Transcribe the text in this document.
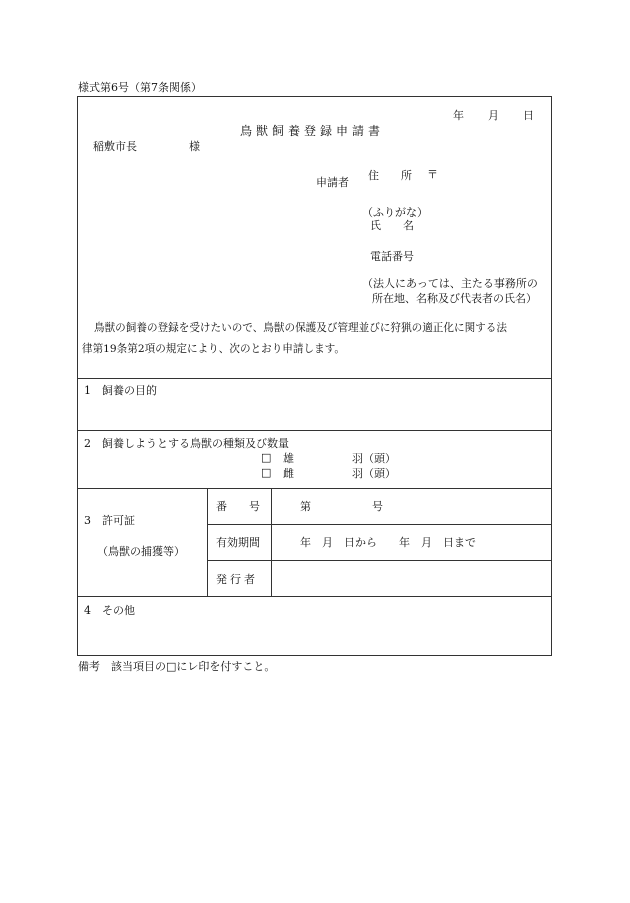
様式第6号（第7条関係）
年 月 日
鳥獣飼養登録申請書
稲敷市長	様
申請者
住　　所 〒
（ふりがな）
氏　　名
電話番号
（法人にあっては、主たる事務所の
所在地、名称及び代表者の氏名）
鳥獣の飼養の登録を受けたいので、鳥獣の保護及び管理並びに狩猟の適正化に関する法
律第19条第2項の規定により、次のとおり申請します。
1　飼養の目的
2　飼養しようとする鳥獣の種類及び数量
□ 雄	羽（頭）
□ 雌	羽（頭）
3　許可証
（鳥獣の捕獲等）
番　　号	第	号
有効期間	年　月　日から　　年　月　日まで
発行者
4　その他
備考　該当項目の□にレ印を付すこと。
